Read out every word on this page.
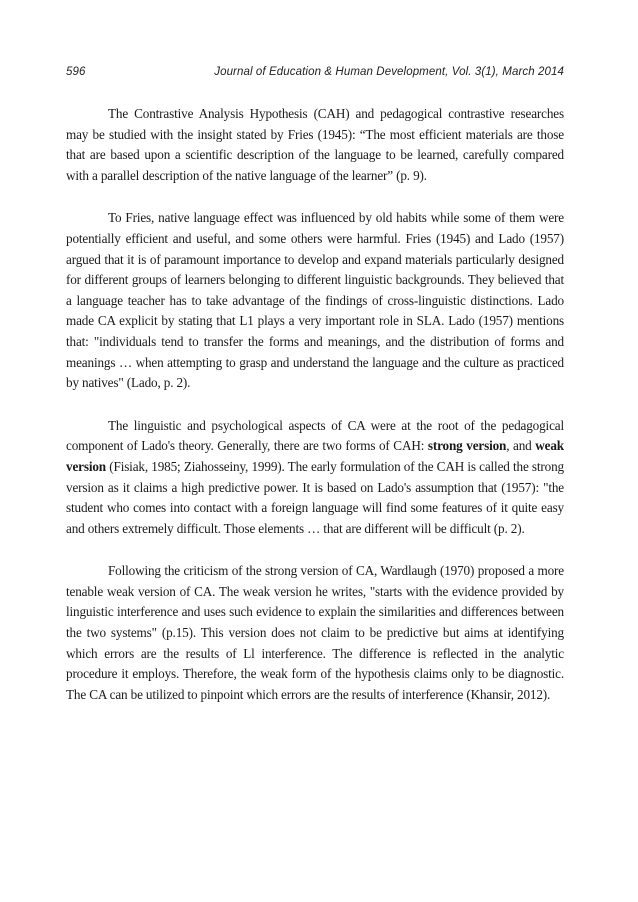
596	Journal of Education & Human Development, Vol. 3(1), March 2014

The Contrastive Analysis Hypothesis (CAH) and pedagogical contrastive researches may be studied with the insight stated by Fries (1945): “The most efficient materials are those that are based upon a scientific description of the language to be learned, carefully compared with a parallel description of the native language of the learner” (p. 9).

To Fries, native language effect was influenced by old habits while some of them were potentially efficient and useful, and some others were harmful. Fries (1945) and Lado (1957) argued that it is of paramount importance to develop and expand materials particularly designed for different groups of learners belonging to different linguistic backgrounds. They believed that a language teacher has to take advantage of the findings of cross-linguistic distinctions. Lado made CA explicit by stating that L1 plays a very important role in SLA. Lado (1957) mentions that: "individuals tend to transfer the forms and meanings, and the distribution of forms and meanings … when attempting to grasp and understand the language and the culture as practiced by natives" (Lado, p. 2).

The linguistic and psychological aspects of CA were at the root of the pedagogical component of Lado's theory. Generally, there are two forms of CAH: strong version, and weak version (Fisiak, 1985; Ziahosseiny, 1999). The early formulation of the CAH is called the strong version as it claims a high predictive power. It is based on Lado's assumption that (1957): "the student who comes into contact with a foreign language will find some features of it quite easy and others extremely difficult. Those elements … that are different will be difficult (p. 2).

Following the criticism of the strong version of CA, Wardlaugh (1970) proposed a more tenable weak version of CA. The weak version he writes, "starts with the evidence provided by linguistic interference and uses such evidence to explain the similarities and differences between the two systems" (p.15). This version does not claim to be predictive but aims at identifying which errors are the results of Ll interference. The difference is reflected in the analytic procedure it employs. Therefore, the weak form of the hypothesis claims only to be diagnostic. The CA can be utilized to pinpoint which errors are the results of interference (Khansir, 2012).
